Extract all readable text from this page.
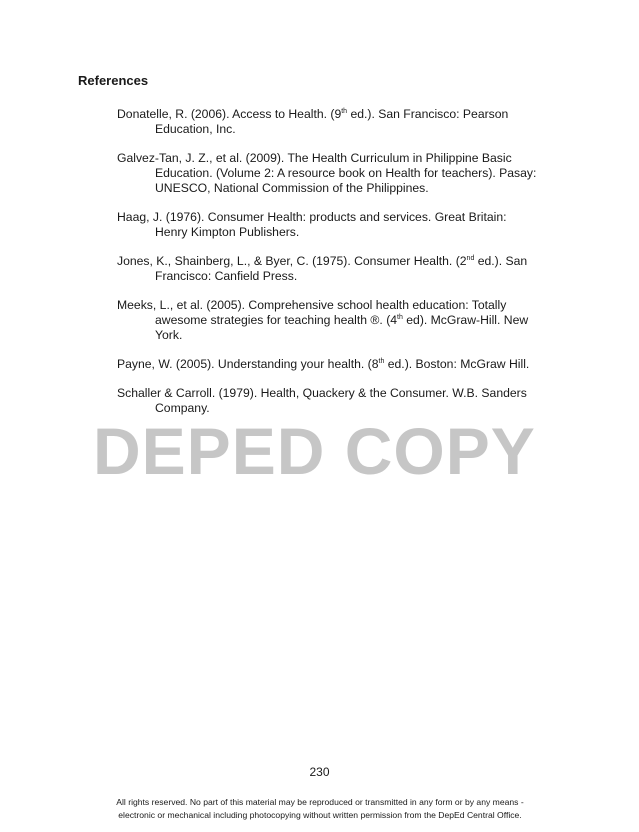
References
Donatelle, R. (2006). Access to Health. (9th ed.). San Francisco: Pearson Education, Inc.
Galvez-Tan, J. Z., et al. (2009). The Health Curriculum in Philippine Basic Education. (Volume 2: A resource book on Health for teachers). Pasay: UNESCO, National Commission of the Philippines.
Haag, J. (1976). Consumer Health: products and services. Great Britain: Henry Kimpton Publishers.
Jones, K., Shainberg, L., & Byer, C. (1975). Consumer Health. (2nd ed.). San Francisco: Canfield Press.
Meeks, L., et al. (2005). Comprehensive school health education: Totally awesome strategies for teaching health ®. (4th ed). McGraw-Hill. New York.
Payne, W. (2005). Understanding your health. (8th ed.). Boston: McGraw Hill.
Schaller & Carroll. (1979). Health, Quackery & the Consumer. W.B. Sanders Company.
DEPED COPY
230
All rights reserved. No part of this material may be reproduced or transmitted in any form or by any means -
electronic or mechanical including photocopying without written permission from the DepEd Central Office.
